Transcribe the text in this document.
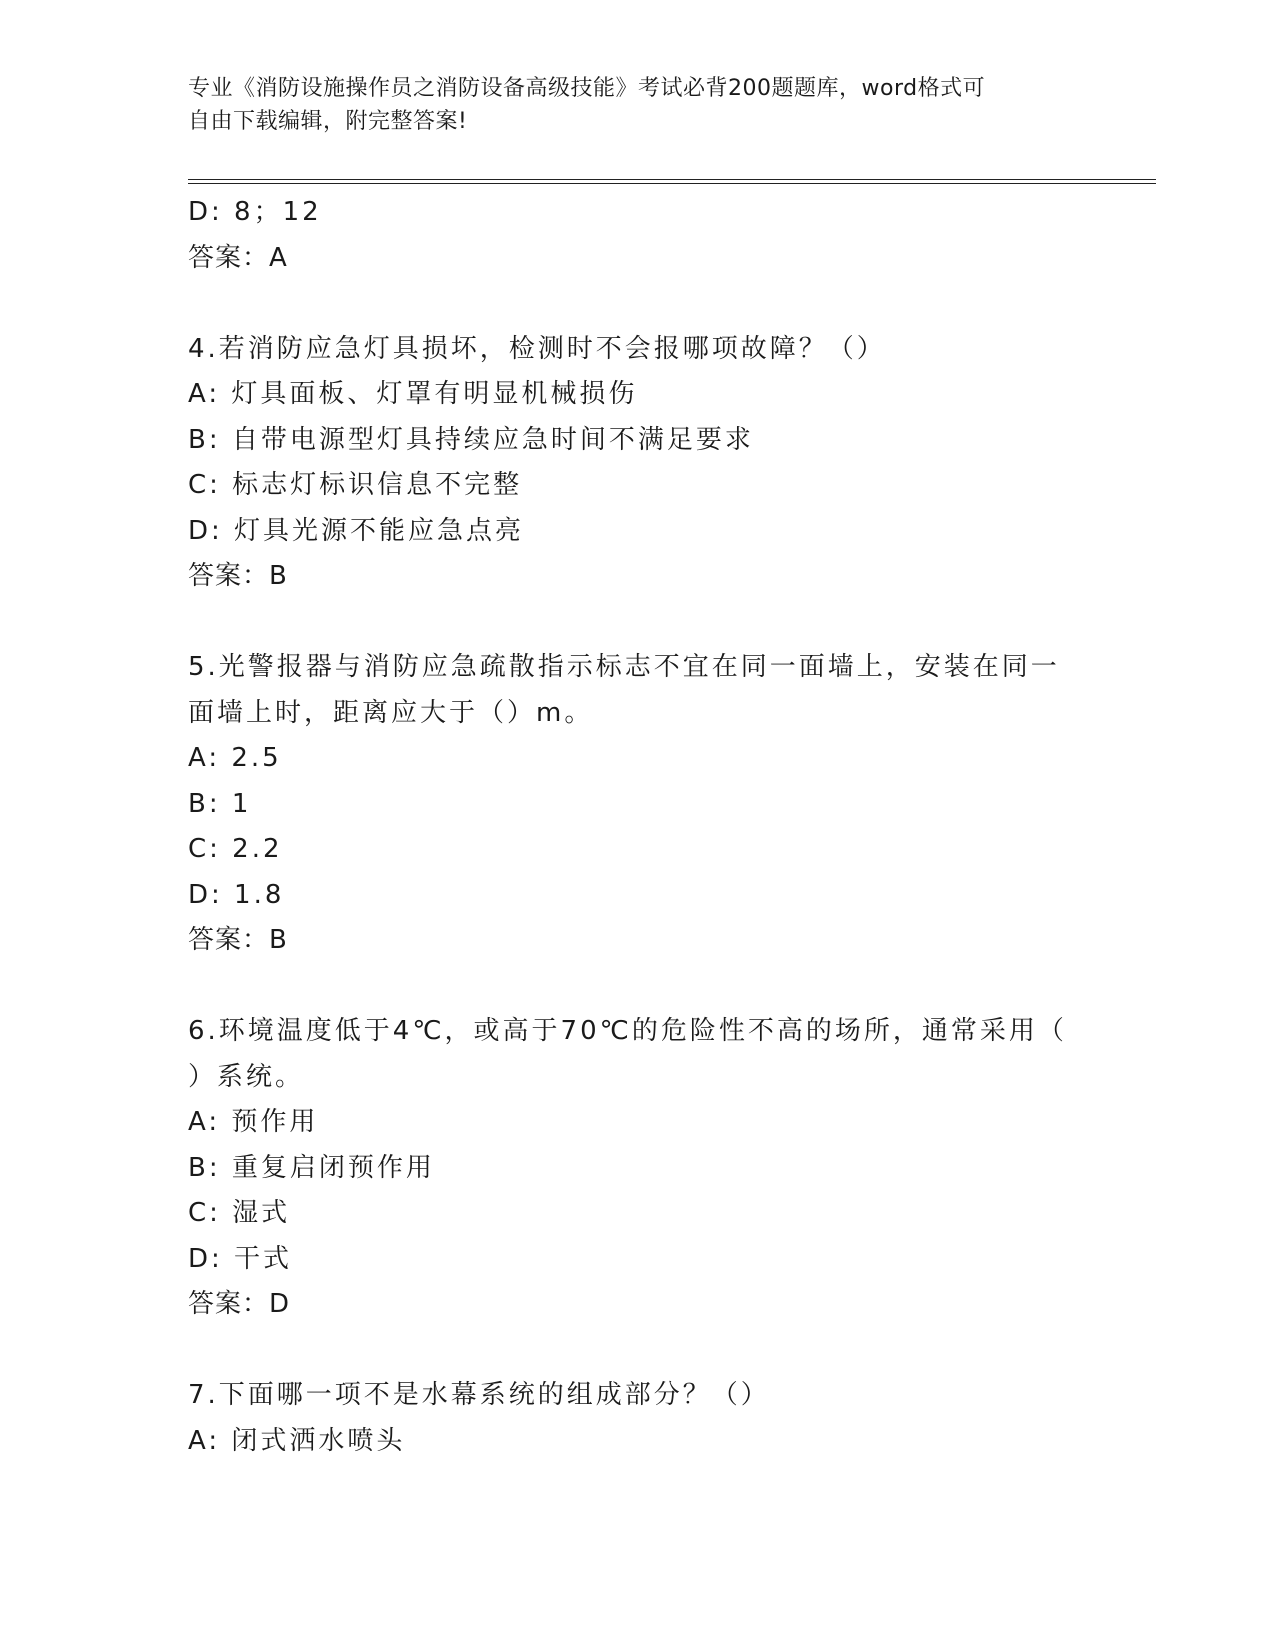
专业《消防设施操作员之消防设备高级技能》考试必背200题题库，word格式可
自由下载编辑，附完整答案!
D: 8；12
答案：A
4.若消防应急灯具损坏，检测时不会报哪项故障？（）
A: 灯具面板、灯罩有明显机械损伤
B: 自带电源型灯具持续应急时间不满足要求
C: 标志灯标识信息不完整
D: 灯具光源不能应急点亮
答案：B
5.光警报器与消防应急疏散指示标志不宜在同一面墙上，安装在同一
面墙上时，距离应大于（）m。
A: 2.5
B: 1
C: 2.2
D: 1.8
答案：B
6.环境温度低于4℃，或高于70℃的危险性不高的场所，通常采用（
）系统。
A: 预作用
B: 重复启闭预作用
C: 湿式
D: 干式
答案：D
7.下面哪一项不是水幕系统的组成部分？（）
A: 闭式洒水喷头
